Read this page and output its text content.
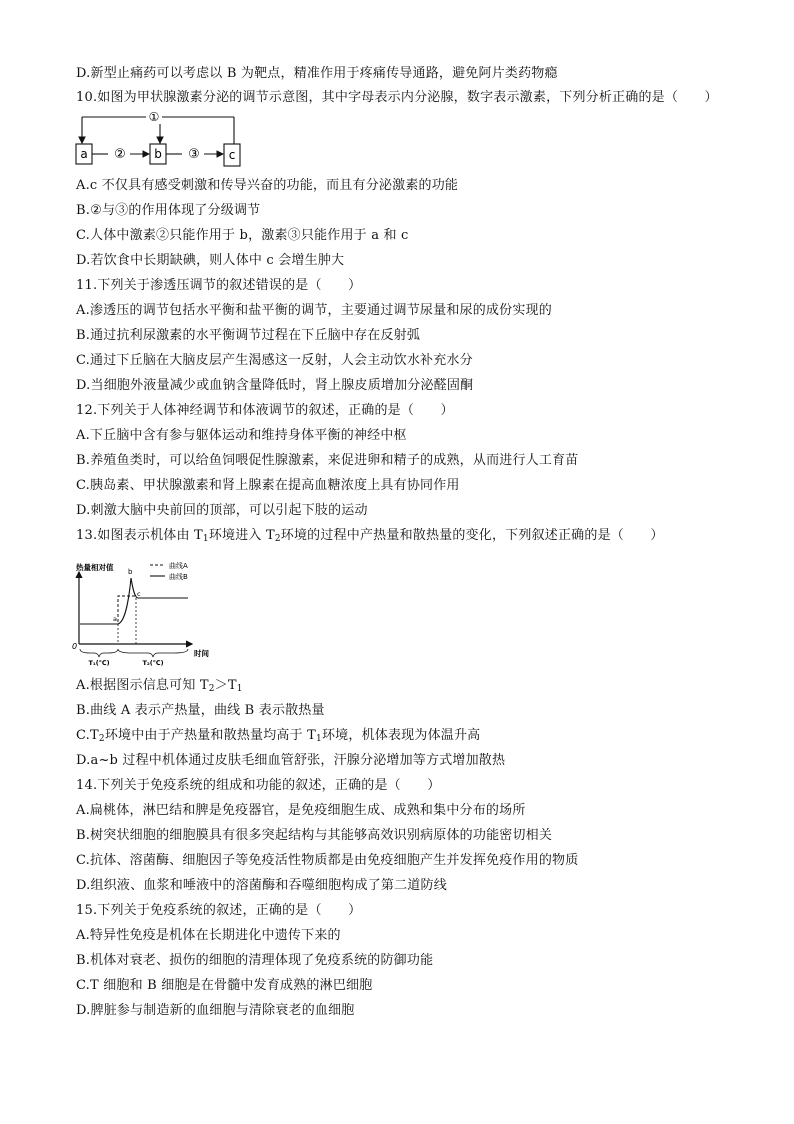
D.新型止痛药可以考虑以 B 为靶点，精准作用于疼痛传导通路，避免阿片类药物瘾
10.如图为甲状腺激素分泌的调节示意图，其中字母表示内分泌腺，数字表示激素，下列分析正确的是（　　）
①
a	b	c
②	③
A.c 不仅具有感受刺激和传导兴奋的功能，而且有分泌激素的功能
B.②与③的作用体现了分级调节
C.人体中激素②只能作用于 b，激素③只能作用于 a 和 c
D.若饮食中长期缺碘，则人体中 c 会增生肿大
11.下列关于渗透压调节的叙述错误的是（　　）
A.渗透压的调节包括水平衡和盐平衡的调节，主要通过调节尿量和尿的成份实现的
B.通过抗利尿激素的水平衡调节过程在下丘脑中存在反射弧
C.通过下丘脑在大脑皮层产生渴感这一反射，人会主动饮水补充水分
D.当细胞外液量减少或血钠含量降低时，肾上腺皮质增加分泌醛固酮
12.下列关于人体神经调节和体液调节的叙述，正确的是（　　）
A.下丘脑中含有参与躯体运动和维持身体平衡的神经中枢
B.养殖鱼类时，可以给鱼饲喂促性腺激素，来促进卵和精子的成熟，从而进行人工育苗
C.胰岛素、甲状腺激素和肾上腺素在提高血糖浓度上具有协同作用
D.刺激大脑中央前回的顶部，可以引起下肢的运动
13.如图表示机体由 $T_1$环境进入 $T_2$环境的过程中产热量和散热量的变化，下列叙述正确的是（　　）
热量相对值
0
时间
曲线A
曲线B
a
b
c
T₁(℃)	T₂(℃)
A.根据图示信息可知 $T_2>T_1$
B.曲线 A 表示产热量，曲线 B 表示散热量
$C.T_2$环境中由于产热量和散热量均高于 $T_1$环境，机体表现为体温升高
D.a~b 过程中机体通过皮肤毛细血管舒张，汗腺分泌增加等方式增加散热
14.下列关于免疫系统的组成和功能的叙述，正确的是（　　）
A.扁桃体，淋巴结和脾是免疫器官，是免疫细胞生成、成熟和集中分布的场所
B.树突状细胞的细胞膜具有很多突起结构与其能够高效识别病原体的功能密切相关
C.抗体、溶菌酶、细胞因子等免疫活性物质都是由免疫细胞产生并发挥免疫作用的物质
D.组织液、血浆和唾液中的溶菌酶和吞噬细胞构成了第二道防线
15.下列关于免疫系统的叙述，正确的是（　　）
A.特异性免疫是机体在长期进化中遗传下来的
B.机体对衰老、损伤的细胞的清理体现了免疫系统的防御功能
C.T 细胞和 B 细胞是在骨髓中发育成熟的淋巴细胞
D.脾脏参与制造新的血细胞与清除衰老的血细胞
